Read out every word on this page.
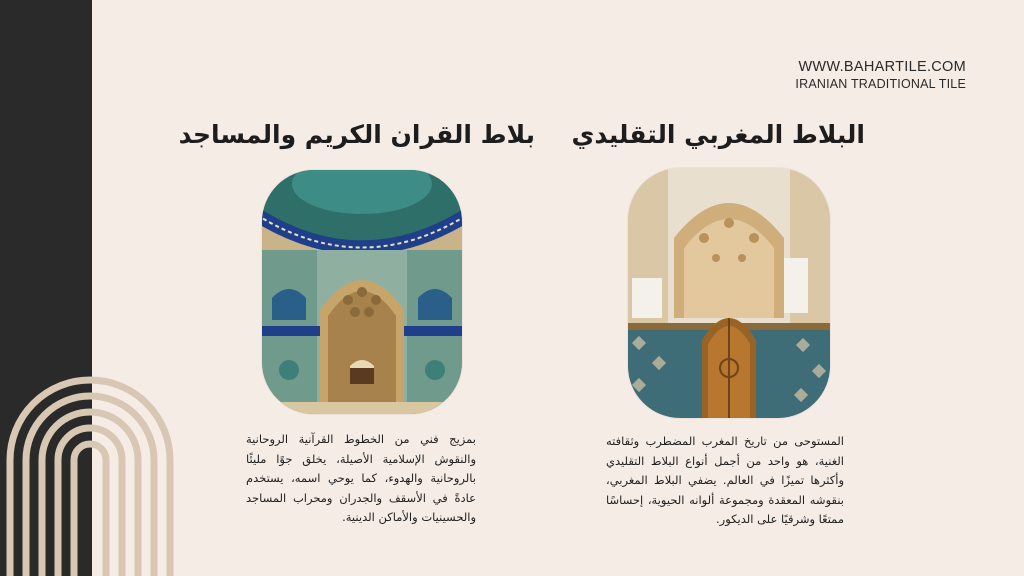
WWW.BAHARTILE.COM
IRANIAN TRADITIONAL TILE
بلاط القران الكريم والمساجد البلاط المغربي التقليدي
بمزيج فني من الخطوط القرآنية الروحانية والنقوش الإسلامية الأصيلة، يخلق جوًا مليئًا بالروحانية والهدوء، كما يوحي اسمه، يستخدم عادةً في الأسقف والجدران ومحراب المساجد والحسينيات والأماكن الدينية.
المستوحى من تاريخ المغرب المضطرب وثقافته الغنية، هو واحد من أجمل أنواع البلاط التقليدي وأكثرها تميزًا في العالم. يضفي البلاط المغربي، بنقوشه المعقدة ومجموعة ألوانه الحيوية، إحساسًا ممتعًا وشرقيًا على الديكور.
